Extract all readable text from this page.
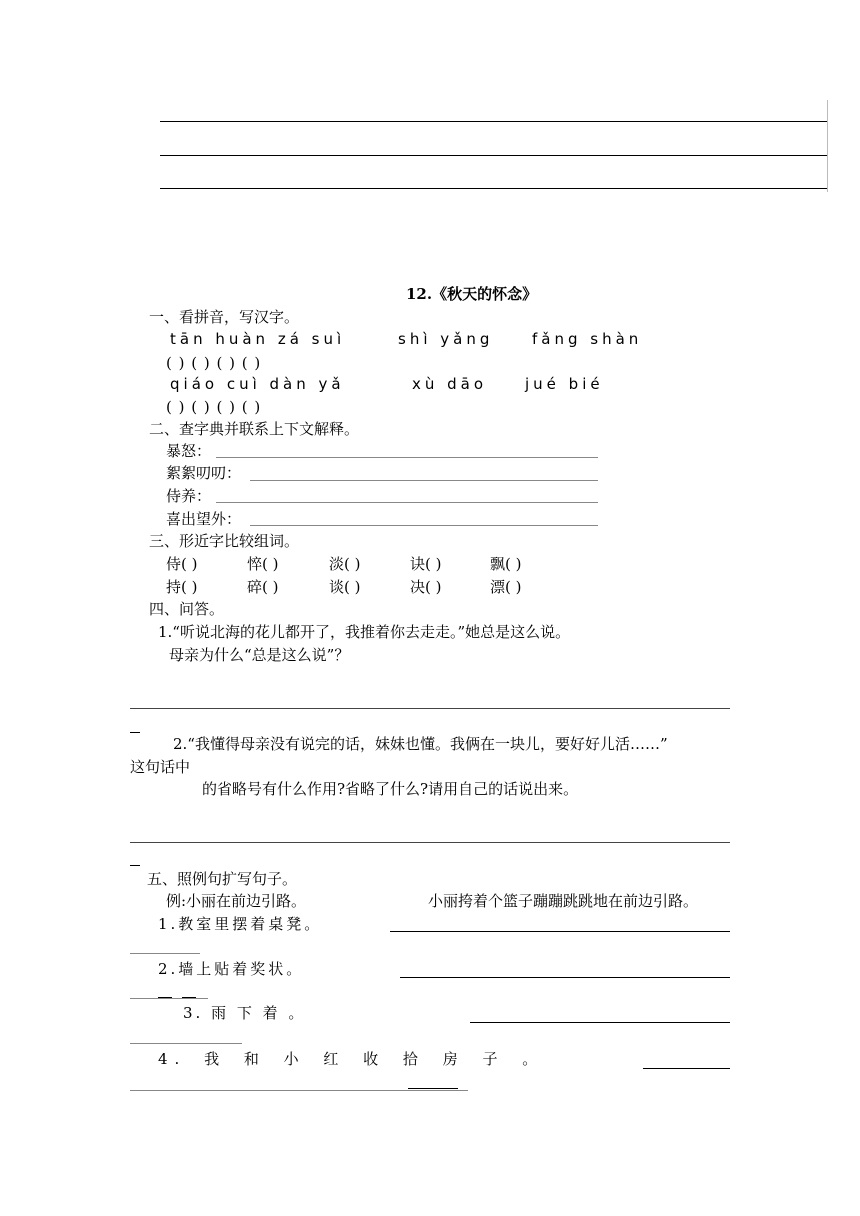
12.《秋天的怀念》
一、看拼音，写汉字。
tān huàn zá suì	shì yǎng	fǎng shàn
( ) ( ) ( ) ( )
qiáo cuì dàn yǎ	xù dāo	jué bié
( ) ( ) ( ) ( )
二、查字典并联系上下文解释。
暴怒：
絮絮叨叨：
侍养：
喜出望外：
三、形近字比较组词。
侍( )	悴( )	淡( )	诀( )	飘( )
持( )	碎( )	谈( )	决( )	漂( )
四、问答。
1.“听说北海的花儿都开了，我推着你去走走。”她总是这么说。
母亲为什么“总是这么说”？
2.“我懂得母亲没有说完的话，妹妹也懂。我俩在一块儿，要好好儿活……”
这句话中
的省略号有什么作用?省略了什么?请用自己的话说出来。
五、照例句扩写句子。
例:小丽在前边引路。	小丽挎着个篮子蹦蹦跳跳地在前边引路。
1.教室里摆着桌凳。
2.墙上贴着奖状。
3. 雨 下 着 。
4. 我 和 小 红 收 拾 房 子 。
